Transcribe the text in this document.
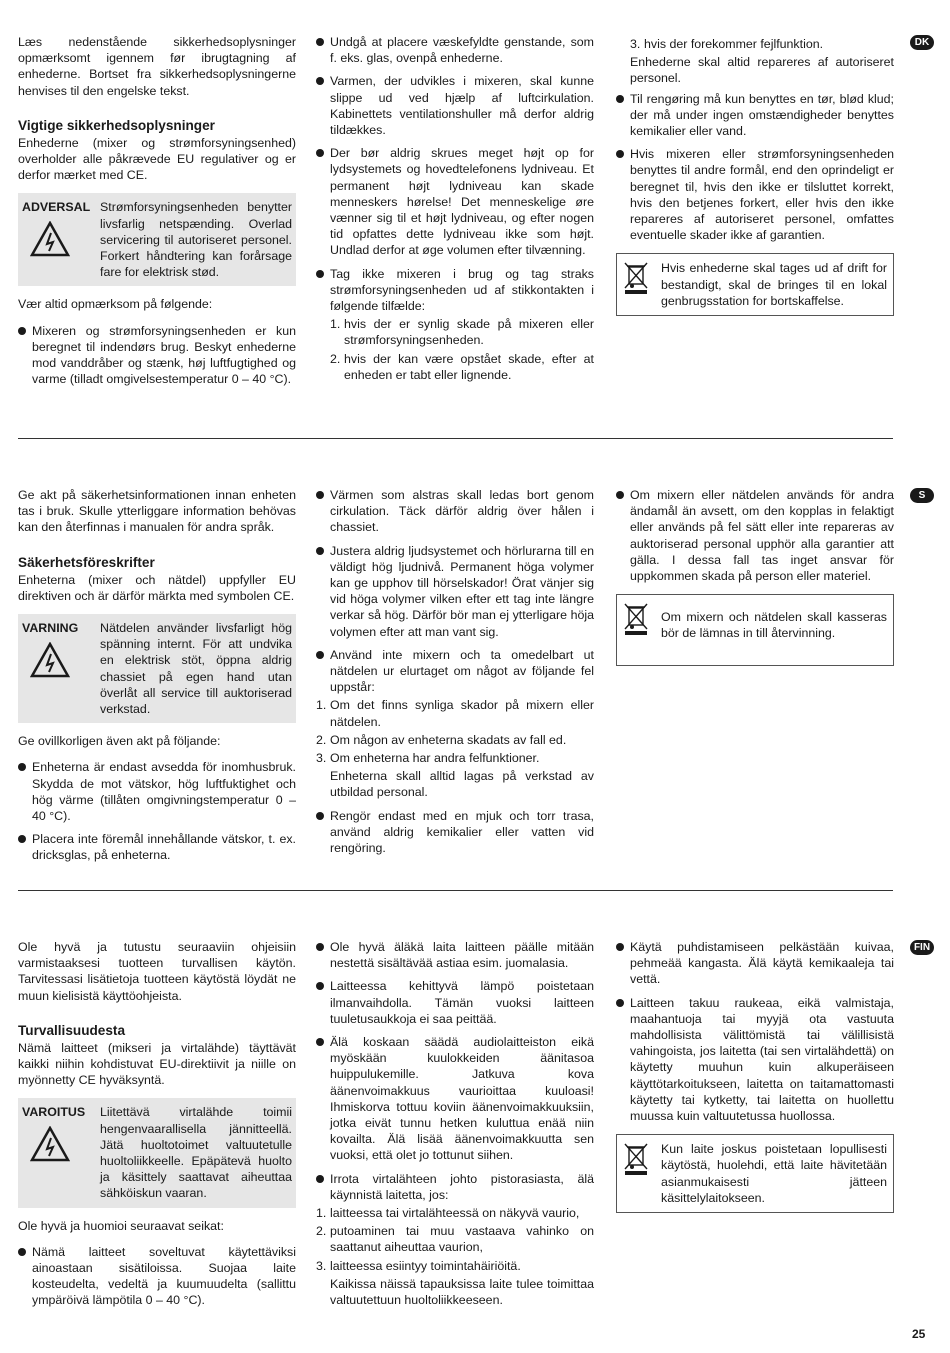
DK

Læs nedenstående sikkerhedsoplysninger opmærksomt igennem før ibrugtagning af enhederne. Bortset fra sikkerhedsoplysningerne henvises til den engelske tekst.

Vigtige sikkerhedsoplysninger

Enhederne (mixer og strømforsyningsenhed) overholder alle påkrævede EU regulativer og er derfor mærket med CE.

ADVERSAL Strømforsyningsenheden benytter livsfarlig netspænding. Overlad servicering til autoriseret personel. Forkert håndtering kan forårsage fare for elektrisk stød.

Vær altid opmærksom på følgende:

Mixeren og strømforsyningsenheden er kun beregnet til indendørs brug. Beskyt enhederne mod vanddråber og stænk, høj luftfugtighed og varme (tilladt omgivelsestemperatur 0 – 40 °C).
Undgå at placere væskefyldte genstande, som f. eks. glas, ovenpå enhederne.
Varmen, der udvikles i mixeren, skal kunne slippe ud ved hjælp af luftcirkulation. Kabinettets ventilationshuller må derfor aldrig tildækkes.
Der bør aldrig skrues meget højt op for lydsystemets og hovedtelefonens lydniveau. Et permanent højt lydniveau kan skade menneskers hørelse! Det menneskelige øre vænner sig til et højt lydniveau, og efter nogen tid opfattes dette lydniveau ikke som højt. Undlad derfor at øge volumen efter tilvænning.
Tag ikke mixeren i brug og tag straks strømforsyningsenheden ud af stikkontakten i følgende tilfælde:
1. hvis der er synlig skade på mixeren eller strømforsyningsenheden.
2. hvis der kan være opstået skade, efter at enheden er tabt eller lignende.
3. hvis der forekommer fejlfunktion.

Enhederne skal altid repareres af autoriseret personel.

Til rengøring må kun benyttes en tør, blød klud; der må under ingen omstændigheder benyttes kemikalier eller vand.
Hvis mixeren eller strømforsyningsenheden benyttes til andre formål, end den oprindeligt er beregnet til, hvis den ikke er tilsluttet korrekt, hvis den betjenes forkert, eller hvis den ikke repareres af autoriseret personel, omfattes eventuelle skader ikke af garantien.
Hvis enhederne skal tages ud af drift for bestandigt, skal de bringes til en lokal genbrugsstation for bortskaffelse.
S

Ge akt på säkerhetsinformationen innan enheten tas i bruk. Skulle ytterliggare information behövas kan den återfinnas i manualen för andra språk.

Säkerhetsföreskrifter

Enheterna (mixer och nätdel) uppfyller EU direktiven och är därför märkta med symbolen CE.

VARNING Nätdelen använder livsfarligt hög spänning internt. För att undvika en elektrisk stöt, öppna aldrig chassiet på egen hand utan överlåt all service till auktoriserad verkstad.

Ge ovillkorligen även akt på följande:

Enheterna är endast avsedda för inomhusbruk. Skydda de mot vätskor, hög luftfuktighet och hög värme (tillåten omgivningstemperatur 0 – 40 °C).
Placera inte föremål innehållande vätskor, t. ex. dricksglas, på enheterna.
Värmen som alstras skall ledas bort genom cirkulation. Täck därför aldrig över hålen i chassiet.
Justera aldrig ljudsystemet och hörlurarna till en väldigt hög ljudnivå. Permanent höga volymer kan ge upphov till hörselskador! Örat vänjer sig vid höga volymer vilken efter ett tag inte längre verkar så hög. Därför bör man ej ytterligare höja volymen efter att man vant sig.
Använd inte mixern och ta omedelbart ut nätdelen ur elurtaget om något av följande fel uppstår:
1. Om det finns synliga skador på mixern eller nätdelen.
2. Om någon av enheterna skadats av fall ed.
3. Om enheterna har andra felfunktioner.
Enheterna skall alltid lagas på verkstad av utbildad personal.
Rengör endast med en mjuk och torr trasa, använd aldrig kemikalier eller vatten vid rengöring.
Om mixern eller nätdelen används för andra ändamål än avsett, om den kopplas in felaktigt eller används på fel sätt eller inte repareras av auktoriserad personal upphör alla garantier att gälla. I dessa fall tas inget ansvar för uppkommen skada på person eller materiel.
Om mixern och nätdelen skall kasseras bör de lämnas in till återvinning.
FIN

Ole hyvä ja tutustu seuraaviin ohjeisiin varmistaaksesi tuotteen turvallisen käytön. Tarvitessasi lisätietoja tuotteen käytöstä löydät ne muun kielisistä käyttöohjeista.

Turvallisuudesta

Nämä laitteet (mikseri ja virtalähde) täyttävät kaikki niihin kohdistuvat EU-direktiivit ja niille on myönnetty CE hyväksyntä.

VAROITUS Liitettävä virtalähde toimii hengenvaarallisella jännitteellä. Jätä huoltotoimet valtuutetulle huoltoliikkeelle. Epäpätevä huolto ja käsittely saattavat aiheuttaa sähköiskun vaaran.

Ole hyvä ja huomioi seuraavat seikat:

Nämä laitteet soveltuvat käytettäviksi ainoastaan sisätiloissa. Suojaa laite kosteudelta, vedeltä ja kuumuudelta (sallittu ympäröivä lämpötila 0 – 40 °C).
Ole hyvä äläkä laita laitteen päälle mitään nestettä sisältävää astiaa esim. juomalasia.
Laitteessa kehittyvä lämpö poistetaan ilmanvaihdolla. Tämän vuoksi laitteen tuuletusaukkoja ei saa peittää.
Älä koskaan säädä audiolaitteiston eikä myöskään kuulokkeiden äänitasoa huippulukemille. Jatkuva kova äänenvoimakkuus vaurioittaa kuuloasi! Ihmiskorva tottuu koviin äänenvoimakkuuksiin, jotka eivät tunnu hetken kuluttua enää niin kovailta. Älä lisää äänenvoimakkuutta sen vuoksi, että olet jo tottunut siihen.
Irrota virtalähteen johto pistorasiasta, älä käynnistä laitetta, jos:
1. laitteessa tai virtalähteessä on näkyvä vaurio,
2. putoaminen tai muu vastaava vahinko on saattanut aiheuttaa vaurion,
3. laitteessa esiintyy toimintahäiriöitä.
Kaikissa näissä tapauksissa laite tulee toimittaa valtuutettuun huoltoliikkeeseen.
Käytä puhdistamiseen pelkästään kuivaa, pehmeää kangasta. Älä käytä kemikaaleja tai vettä.
Laitteen takuu raukeaa, eikä valmistaja, maahantuoja tai myyjä ota vastuuta mahdollisista välittömistä tai välillisistä vahingoista, jos laitetta (tai sen virtalähdettä) on käytetty muuhun kuin alkuperäiseen käyttötarkoitukseen, laitetta on taitamattomasti käytetty tai kytketty, tai laitetta on huollettu muussa kuin valtuutetussa huollossa.
Kun laite joskus poistetaan lopullisesti käytöstä, huolehdi, että laite hävitetään asianmukaisesti jätteen käsittelylaitokseen.
25
